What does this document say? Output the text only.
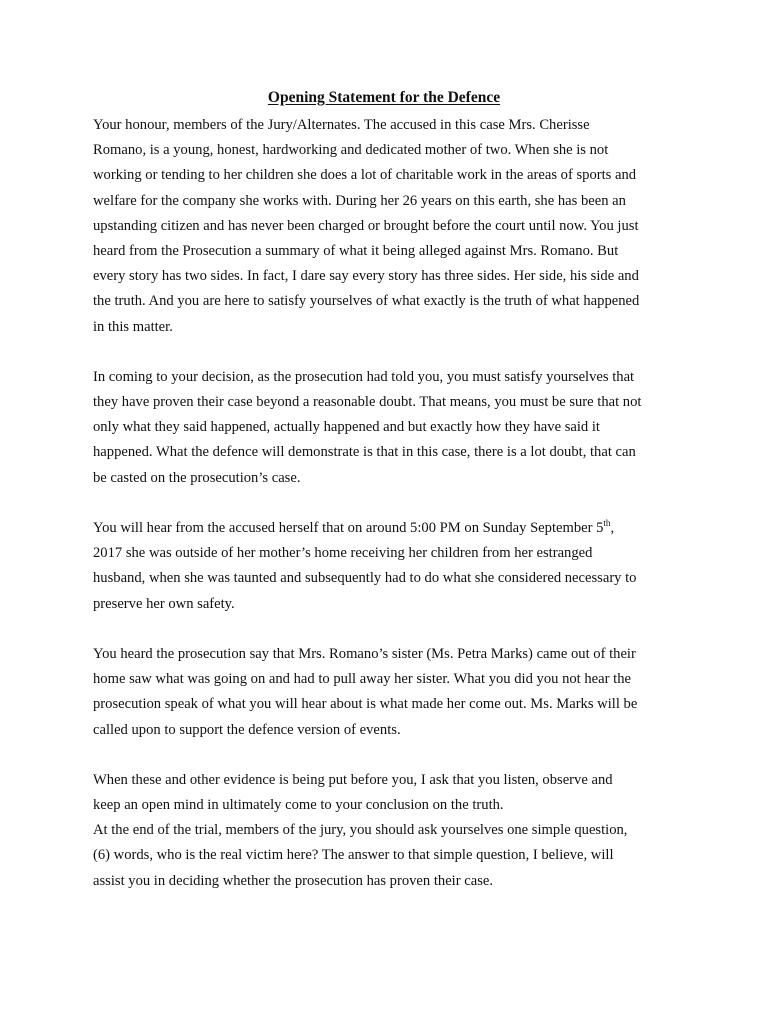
Opening Statement for the Defence
Your honour, members of the Jury/Alternates. The accused in this case Mrs. Cherisse
Romano, is a young, honest, hardworking and dedicated mother of two. When she is not
working or tending to her children she does a lot of charitable work in the areas of sports and
welfare for the company she works with. During her 26 years on this earth, she has been an
upstanding citizen and has never been charged or brought before the court until now. You just
heard from the Prosecution a summary of what it being alleged against Mrs. Romano. But
every story has two sides. In fact, I dare say every story has three sides. Her side, his side and
the truth. And you are here to satisfy yourselves of what exactly is the truth of what happened
in this matter.
In coming to your decision, as the prosecution had told you, you must satisfy yourselves that
they have proven their case beyond a reasonable doubt. That means, you must be sure that not
only what they said happened, actually happened and but exactly how they have said it
happened. What the defence will demonstrate is that in this case, there is a lot doubt, that can
be casted on the prosecution’s case.
You will hear from the accused herself that on around 5:00 PM on Sunday September 5th,
2017 she was outside of her mother’s home receiving her children from her estranged
husband, when she was taunted and subsequently had to do what she considered necessary to
preserve her own safety.
You heard the prosecution say that Mrs. Romano’s sister (Ms. Petra Marks) came out of their
home saw what was going on and had to pull away her sister. What you did you not hear the
prosecution speak of what you will hear about is what made her come out. Ms. Marks will be
called upon to support the defence version of events.
When these and other evidence is being put before you, I ask that you listen, observe and
keep an open mind in ultimately come to your conclusion on the truth.
At the end of the trial, members of the jury, you should ask yourselves one simple question,
(6) words, who is the real victim here? The answer to that simple question, I believe, will
assist you in deciding whether the prosecution has proven their case.
